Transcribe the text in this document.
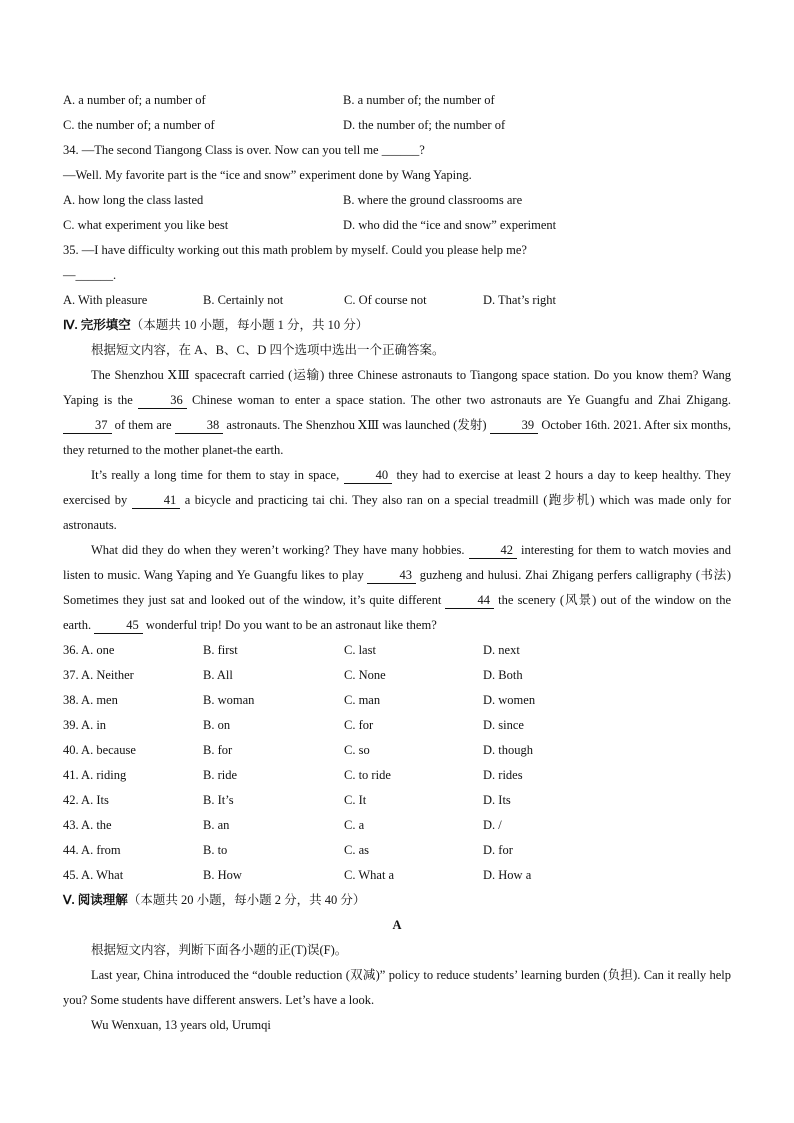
A. a number of; a number of	B. a number of; the number of
C. the number of; a number of	D. the number of; the number of
34. —The second Tiangong Class is over. Now can you tell me ______?
—Well. My favorite part is the “ice and snow” experiment done by Wang Yaping.
A. how long the class lasted	B. where the ground classrooms are
C. what experiment you like best	D. who did the “ice and snow” experiment
35. —I have difficulty working out this math problem by myself. Could you please help me?
—______.
A. With pleasure	B. Certainly not	C. Of course not	D. That’s right
Ⅳ. 完形填空（本题共 10 小题，每小题 1 分，共 10 分）
根据短文内容，在 A、B、C、D 四个选项中选出一个正确答案。
The Shenzhou ⅩⅢ spacecraft carried (运输) three Chinese astronauts to Tiangong space station. Do you know them? Wang Yaping is the	36 Chinese woman to enter a space station. The other two astronauts are Ye Guangfu and Zhai Zhigang. 37 of them are	38 astronauts. The Shenzhou ⅩⅢ was launched (发射)	39 October 16th. 2021. After six months, they returned to the mother planet-the earth.
It’s really a long time for them to stay in space,	40 they had to exercise at least 2 hours a day to keep healthy. They exercised by	41 a bicycle and practicing tai chi. They also ran on a special treadmill (跑步机) which was made only for astronauts.
What did they do when they weren’t working? They have many hobbies.	42 interesting for them to watch movies and listen to music. Wang Yaping and Ye Guangfu likes to play	43 guzheng and hulusi. Zhai Zhigang perfers calligraphy (书法) Sometimes they just sat and looked out of the window, it’s quite different	44 the scenery (风景) out of the window on the earth.	45 wonderful trip! Do you want to be an astronaut like them?
36. A. one	B. first	C. last	D. next
37. A. Neither	B. All	C. None	D. Both
38. A. men	B. woman	C. man	D. women
39. A. in	B. on	C. for	D. since
40. A. because	B. for	C. so	D. though
41. A. riding	B. ride	C. to ride	D. rides
42. A. Its	B. It’s	C. It	D. Its
43. A. the	B. an	C. a	D. /
44. A. from	B. to	C. as	D. for
45. A. What	B. How	C. What a	D. How a
Ⅴ. 阅读理解（本题共 20 小题，每小题 2 分，共 40 分）
A
根据短文内容，判断下面各小题的正(T)误(F)。
Last year, China introduced the “double reduction (双减)” policy to reduce students’ learning burden (负担). Can it really help you? Some students have different answers. Let’s have a look.
Wu Wenxuan, 13 years old, Urumqi
